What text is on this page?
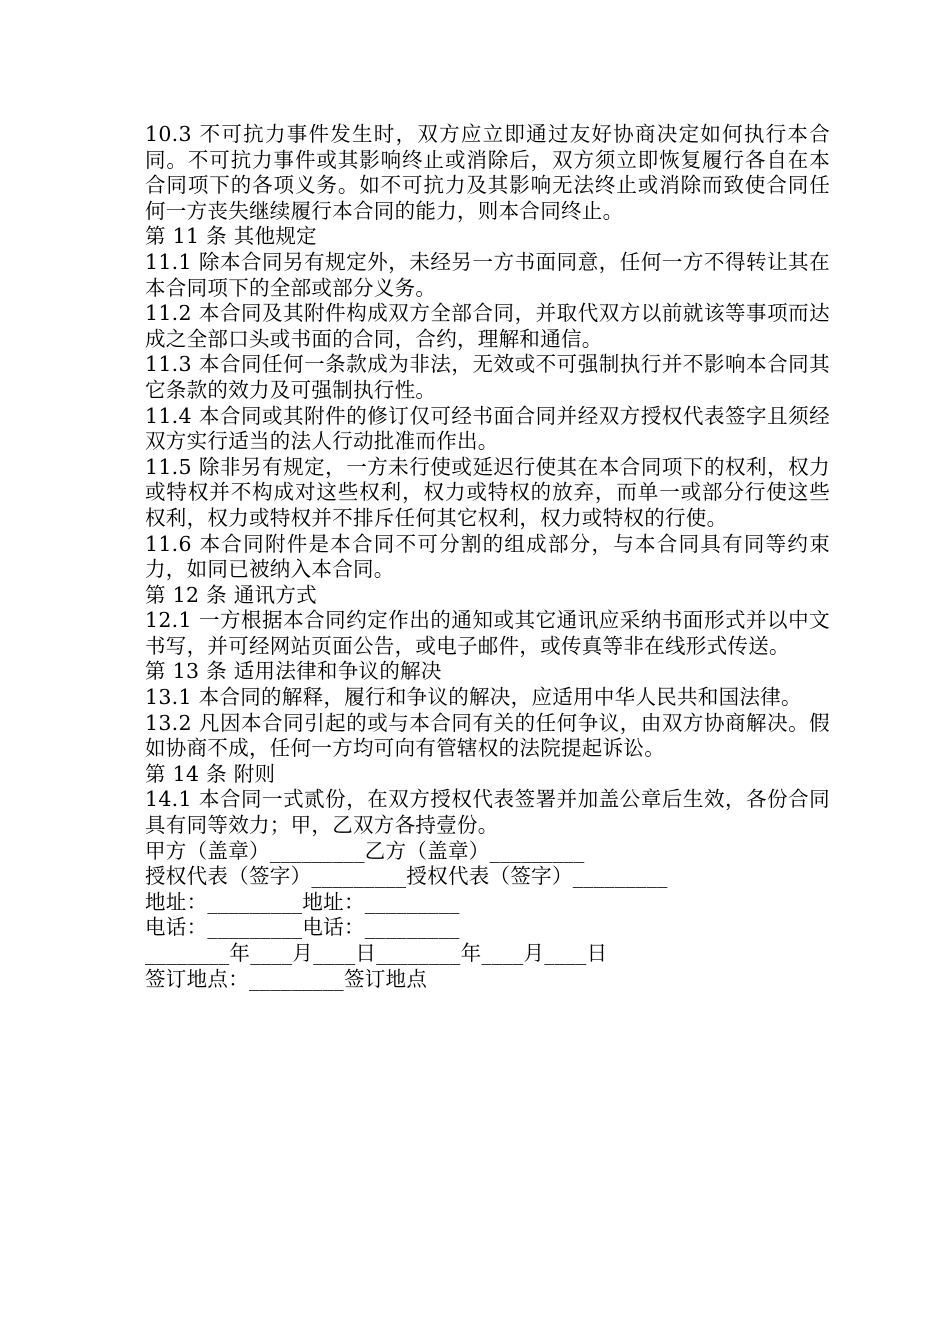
10.3 不可抗力事件发生时，双方应立即通过友好协商决定如何执行本合同。不可抗力事件或其影响终止或消除后，双方须立即恢复履行各自在本合同项下的各项义务。如不可抗力及其影响无法终止或消除而致使合同任何一方丧失继续履行本合同的能力，则本合同终止。

第 11 条 其他规定

11.1 除本合同另有规定外，未经另一方书面同意，任何一方不得转让其在本合同项下的全部或部分义务。

11.2 本合同及其附件构成双方全部合同，并取代双方以前就该等事项而达成之全部口头或书面的合同，合约，理解和通信。

11.3 本合同任何一条款成为非法，无效或不可强制执行并不影响本合同其它条款的效力及可强制执行性。

11.4 本合同或其附件的修订仅可经书面合同并经双方授权代表签字且须经双方实行适当的法人行动批准而作出。

11.5 除非另有规定，一方未行使或延迟行使其在本合同项下的权利，权力或特权并不构成对这些权利，权力或特权的放弃，而单一或部分行使这些权利，权力或特权并不排斥任何其它权利，权力或特权的行使。

11.6 本合同附件是本合同不可分割的组成部分，与本合同具有同等约束力，如同已被纳入本合同。

第 12 条 通讯方式

12.1 一方根据本合同约定作出的通知或其它通讯应采纳书面形式并以中文书写，并可经网站页面公告，或电子邮件，或传真等非在线形式传送。

第 13 条 适用法律和争议的解决

13.1 本合同的解释，履行和争议的解决，应适用中华人民共和国法律。

13.2 凡因本合同引起的或与本合同有关的任何争议，由双方协商解决。假如协商不成，任何一方均可向有管辖权的法院提起诉讼。

第 14 条 附则

14.1 本合同一式贰份，在双方授权代表签署并加盖公章后生效，各份合同具有同等效力；甲，乙双方各持壹份。

甲方（盖章）_________乙方（盖章）_________

授权代表（签字）_________授权代表（签字）_________

地址：_________地址：_________

电话：_________电话：_________

________年____月____日________年____月____日

签订地点：_________签订地点
